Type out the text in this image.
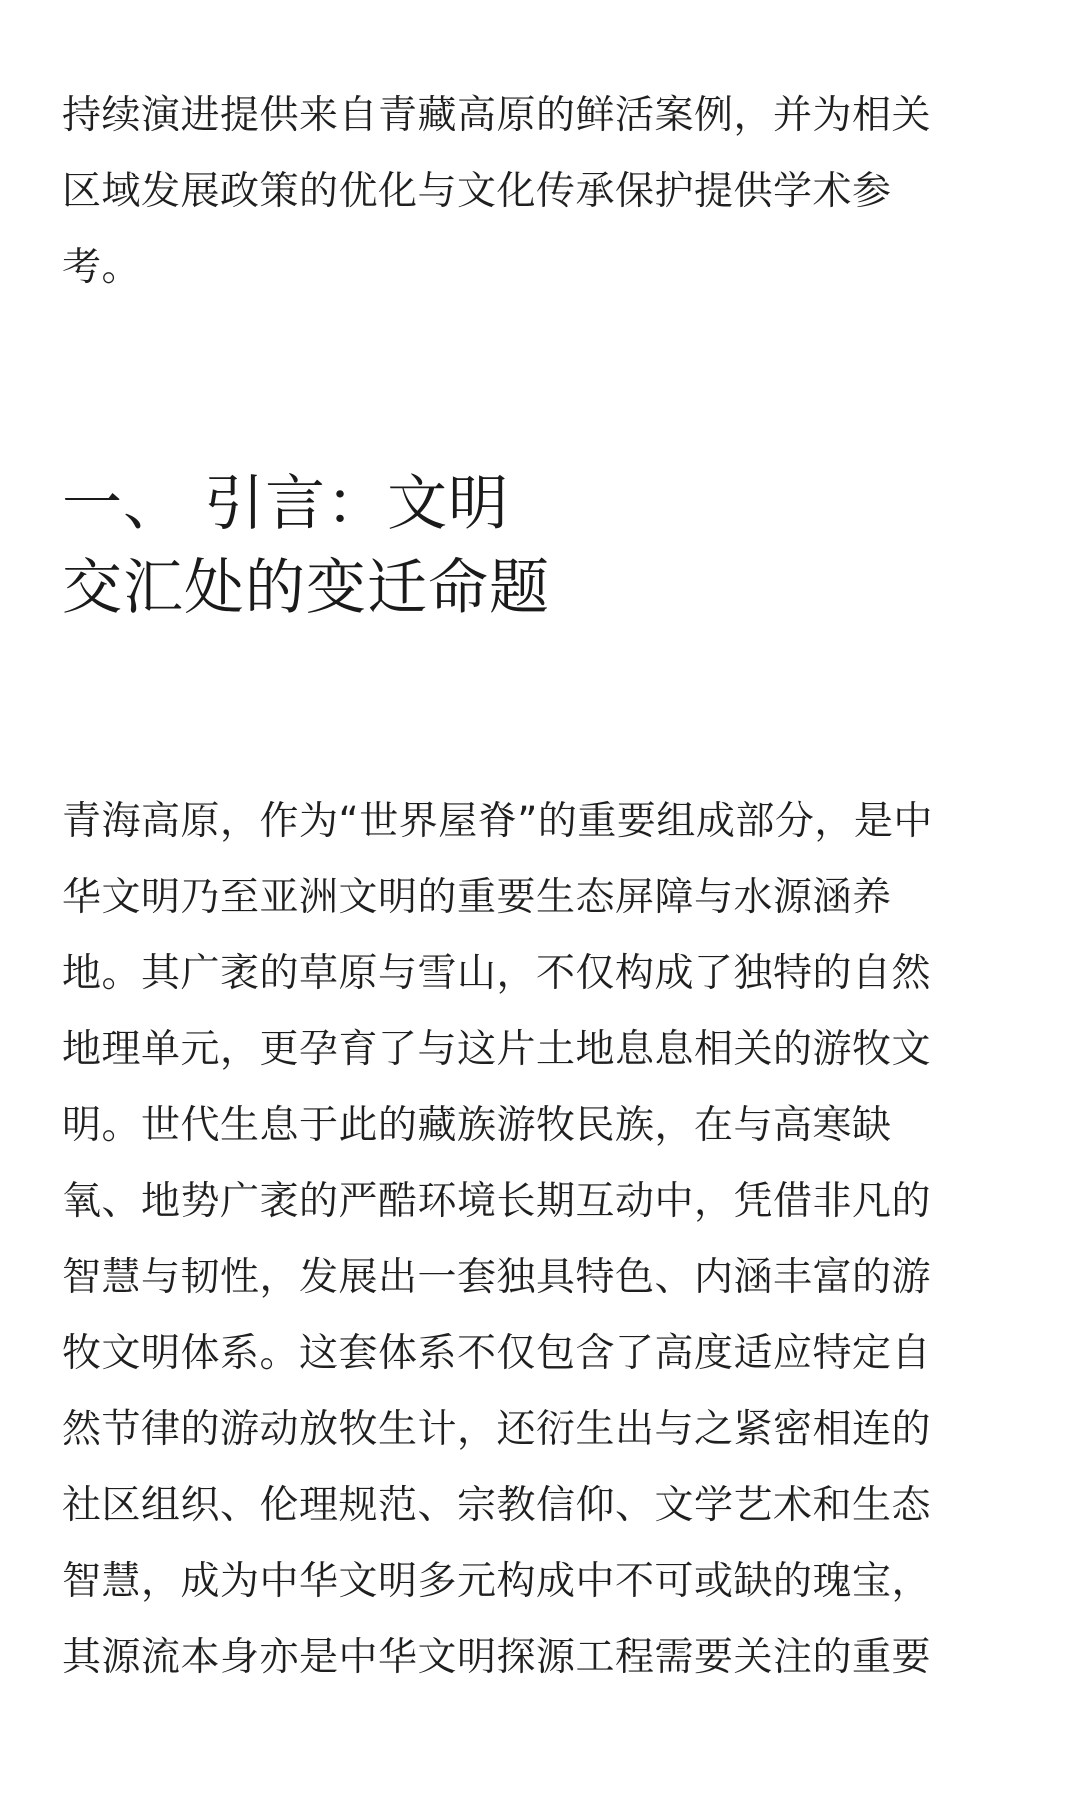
持续演进提供来自青藏高原的鲜活案例，并为相关
区域发展政策的优化与文化传承保护提供学术参
考。

一、 引言：文明
交汇处的变迁命题

青海高原，作为“世界屋脊”的重要组成部分，是中
华文明乃至亚洲文明的重要生态屏障与水源涵养
地。其广袤的草原与雪山，不仅构成了独特的自然
地理单元，更孕育了与这片土地息息相关的游牧文
明。世代生息于此的藏族游牧民族，在与高寒缺
氧、地势广袤的严酷环境长期互动中，凭借非凡的
智慧与韧性，发展出一套独具特色、内涵丰富的游
牧文明体系。这套体系不仅包含了高度适应特定自
然节律的游动放牧生计，还衍生出与之紧密相连的
社区组织、伦理规范、宗教信仰、文学艺术和生态
智慧，成为中华文明多元构成中不可或缺的瑰宝，
其源流本身亦是中华文明探源工程需要关注的重要
